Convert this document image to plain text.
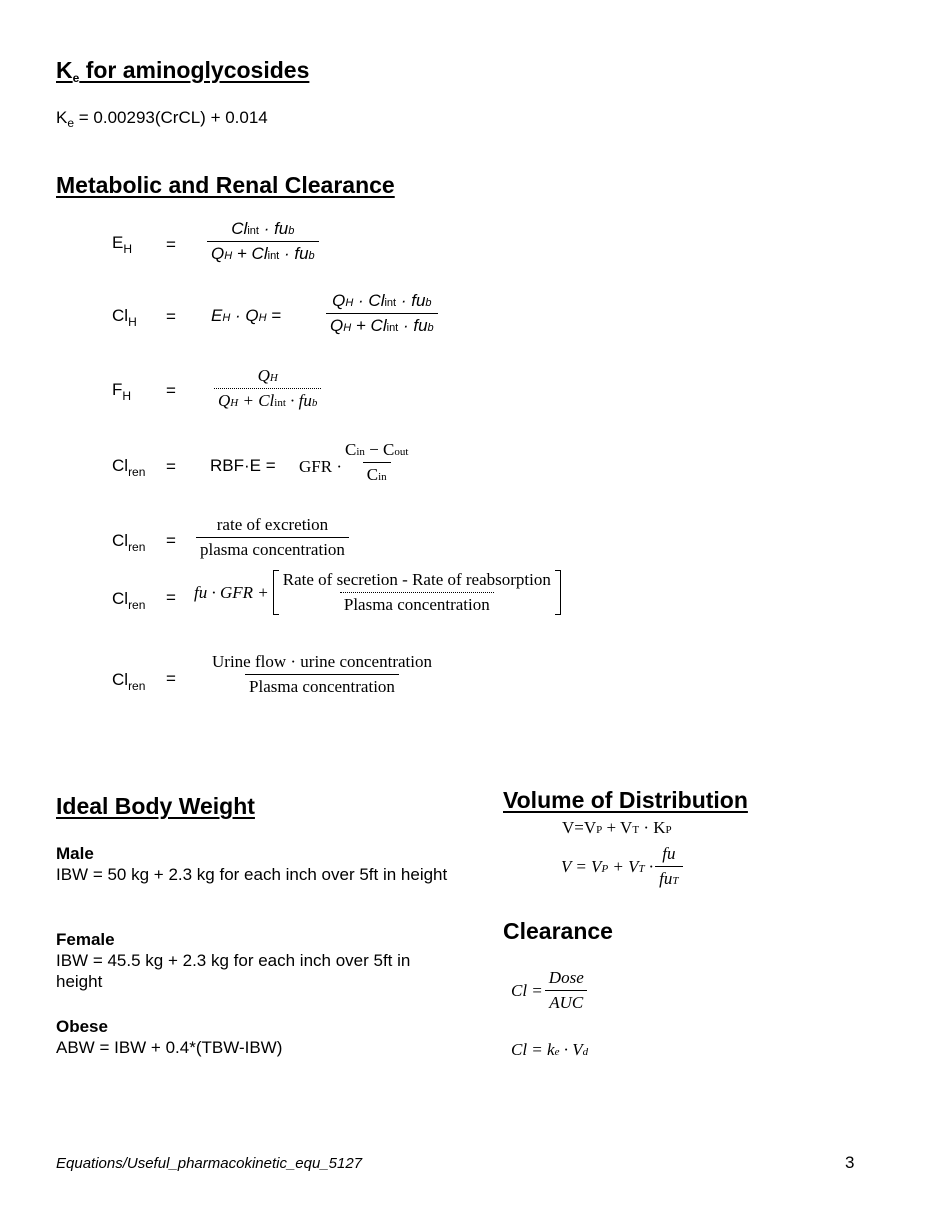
$K_e$ for aminoglycosides
$K_e$ = 0.00293(CrCL) + 0.014
Metabolic and Renal Clearance
$E_H = \frac{\text{Clint · fub}}{\text{QH + Clint · fub}}$
$Cl_H$ = EH · QH =	$\frac{\text{QH · Clint · fub}}{\text{QH + Clint · fub}}$
$F_H = \frac{QH}{\text{QH + Clint · fub}}$
$Cl_{ren} = RBF\cdot E$ = GFR · $\frac{\text{Cin − Cout}}{\text{Cin}}$
$Cl_{ren} = \frac{\text{rate of excretion}}{\text{plasma concentration}}$
$Cl_{ren}$ = fu · GFR + $\frac{\text{Rate of secretion - Rate of reabsorption}}{\text{Plasma concentration}}$
$Cl_{ren} = \frac{\text{Urine flow · urine concentration}}{\text{Plasma concentration}}$
Ideal Body Weight
Male
IBW = 50 kg + 2.3 kg for each inch over 5ft in height
Female
IBW = 45.5 kg + 2.3 kg for each inch over 5ft in height
Obese
ABW = IBW + 0.4*(TBW-IBW)
Volume of Distribution
V=VP + VT · KP
V = VP + VT · $\frac{fu}{\text{fuT}}$
Clearance
$Cl = \frac{\text{Dose}}{\text{AUC}}$
Cl = ke · Vd
Equations/Useful_pharmacokinetic_equ_5127	3
